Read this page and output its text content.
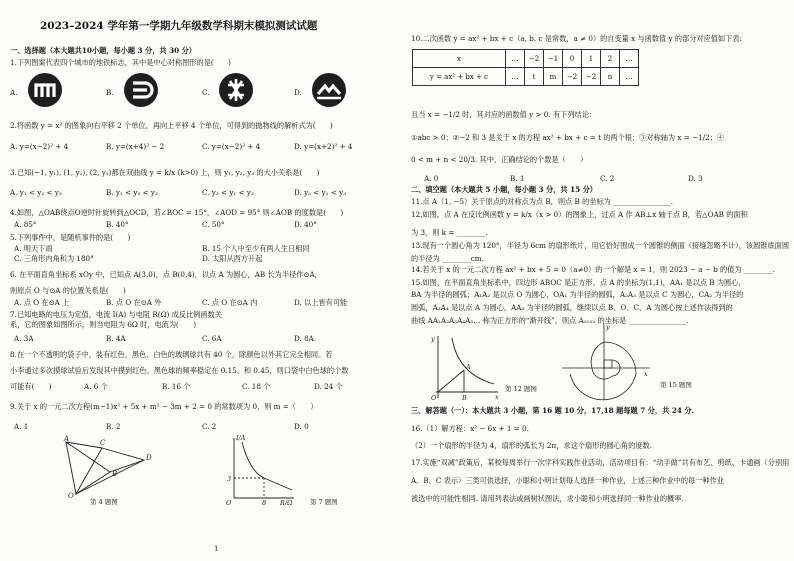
2023–2024 学年第一学期九年级数学科期末模拟测试试题
一、选择题（本大题共10小题，每小题 3 分，共 30 分）
1.下列图案代表四个城市的地铁标志，其中是中心对称图形的是(　　)
A.	B.	C.	D.
2.将函数 y = x² 的图象向右平移 2 个单位，再向上平移 4 个单位，可得到的抛物线的解析式为(　　)
A. y=(x−2)² + 4	B. y=(x+4)² − 2	C. y=(x−2)² + 4	D. y=(x+2)² + 4
3.已知(−1, y₁), (1, y₂), (2, y₃)都在双曲线 y = k/x (k>0) 上，则 y₁, y₂, y₃ 的大小关系是(　　)
A. y₁ < y₂ < y₃	B. y₁ < y₃ < y₂	C. y₃ < y₁ < y₂	D. y₂ < y₁ < y₃
4.如图，△OAB绕点O逆时针旋转到△OCD，若∠BOC = 15°，∠AOD = 95° 则∠AOB 的度数是(　　)
A. 85°	B. 40°	C. 50°	D. 40°
5.下列事件中，是随机事件的是(　　)
A. 明天下雨	B. 15 个人中至少有两人生日相同
C. 三角形内角和为 180°	D. 太阳从西方升起
6. 在平面直角坐标系 xOy 中，已知点 A(3,0)，点 B(0,4)，以点 A 为圆心，AB 长为半径作⊙A，
则原点 O 与⊙A 的位置关系是(　　)
A. 点 O 在⊙A 上	B. 点 O 在⊙A 外	C. 点 O 在⊙A 内	D. 以上皆有可能
7.已知电路的电压为定值，电流 I(A) 与电阻 R(Ω) 成反比例函数关
系，它的图象如图所示，则当电阻为 6Ω 时，电流为(　　)
A. 3A	B. 4A	C. 6A	D. 8A
8.在一个不透明的袋子中，装有红色、黑色、白色的玻璃球共有 40 个，除颜色以外其它完全相同。若
小李通过多次摸球试验后发现其中摸到红色、黑色球的频率稳定在 0.15、和 0.45，则口袋中白色球的个数
可能有(　　)	A. 6 个	B. 16 个	C. 18 个	D. 24 个
9.关于 x 的一元二次方程(m−1)x² + 5x + m² − 3m + 2 = 0 的常数项为 0，则 m =（　　）
A. 1	B. 2	C. 2	D. 0
A	C
D
B
O
第 4 题图
I/A
3
8 R/Ω
O	第 7 题图
1
10.二次函数 y = ax² + bx + c（a, b, c 是常数，a ≠ 0）的自变量 x 与函数值 y 的部分对应值如下表:
x	…	−2	−1	0	1	2	…
y = ax² + bx + c	…	t	m	−2	−2	n	…
且当 x = −1/2 时，其对应的函数值 y > 0. 有下列结论：
①abc > 0；②−2 和 3 是关于 x 的方程 ax² + bx + c = t 的两个根；③对称轴为 x = −1/2；④
0 < m + n < 20/3. 其中，正确结论的个数是（　　）
A. 0	B. 1	C. 2	D. 3
二、填空题（本大题共 5 小题，每小题 3 分，共 15 分）
11.点 A（1, −5）关于原点的对称点为点 B，则点 B 的坐标为 ________________.
12.如图，点 A 在反比例函数 y = k/x（x > 0）的图象上，过点 A 作 AB⊥x 轴于点 B，若△OAB 的面积
为 3，则 k = ________.
13.现有一个圆心角为 120°，半径为 6cm 的扇形纸片，用它恰好围成一个圆锥的侧面（接缝忽略不计），该圆锥底面圆
的半径为 ________cm.
14.若关于 x 的一元二次方程 ax² + bx + 5 = 0（a≠0）的一个解是 x = 1，则 2023 − a − b 的值为 ________.
15.如图，在平面直角坐标系中，四边形 ABOC 是正方形，点 A 的坐标为(1,1)，AA₁ 是以点 B 为圆心，
BA 为半径的圆弧；A₁A₂ 是以点 O 为圆心，OA₁ 为半径的圆弧，A₂A₃ 是以点 C 为圆心，CA₂ 为半径的
圆弧，A₃A₄ 是以点 A 为圆心，AA₃ 为半径的圆弧，继续以点 B、O、C、A 为圆心按上述作法得到的
曲线 AA₁A₂A₃A₄A₅… 称为正方形的“渐开线”，则点 A₂₀₂₃ 的坐标是 ________________.
y
A
B	x
O
第 12 题图
y
x
第 15 题图
三、解答题（一）：本大题共 3 小题，第 16 题 10 分，17,18 题每题 7 分，共 24 分.
16.（1）解方程：x² − 6x + 1 = 0.
（2）一个扇形的半径为 4，扇形的弧长为 2π，求这个扇形的圆心角的度数.
17.实施“双减”政策后，某校每周举行一次学科实践作业活动，活动项目有：“动手做”共有布艺、剪纸、卡通画（分别用
A、B、C 表示）三类可供选择，小聪和小明计划每人选择一种作业，上述三种作业中的每一种作业
被选中的可能性相同. 请用列表法或画树状图法，求小聪和小明选择同一种作业的概率.
